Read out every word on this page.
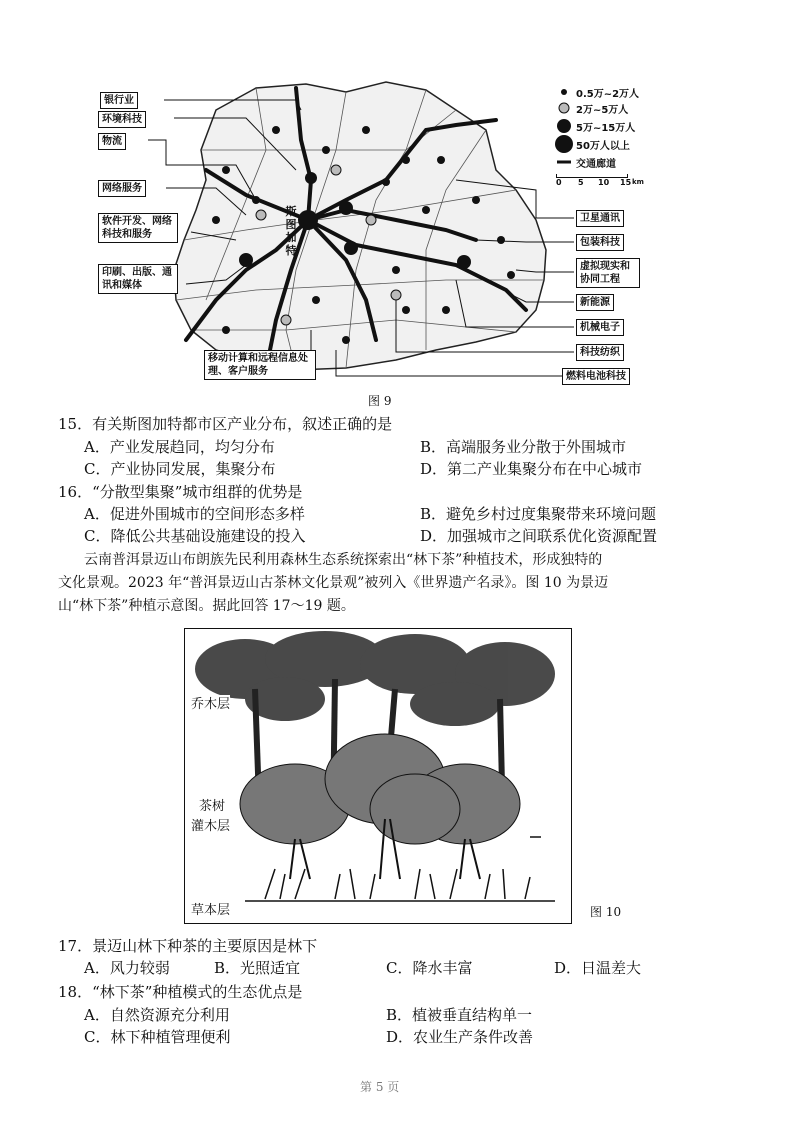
银行业
环境科技
物流
网络服务
软件开发、网络科技和服务
印刷、出版、通讯和媒体
移动计算和远程信息处理、客户服务
斯
图
加
特
卫星通讯
包装科技
虚拟现实和协同工程
新能源
机械电子
科技纺织
燃料电池科技
0.5万~2万人
2万~5万人
5万~15万人
50万人以上
交通廊道
0 5 10 15 km
图 9
15．有关斯图加特都市区产业分布，叙述正确的是
A．产业发展趋同，均匀分布	B．高端服务业分散于外围城市
C．产业协同发展，集聚分布	D．第二产业集聚分布在中心城市
16．“分散型集聚”城市组群的优势是
A．促进外围城市的空间形态多样	B．避免乡村过度集聚带来环境问题
C．降低公共基础设施建设的投入	D．加强城市之间联系优化资源配置
云南普洱景迈山布朗族先民利用森林生态系统探索出“林下茶”种植技术，形成独特的
文化景观。2023 年“普洱景迈山古茶林文化景观”被列入《世界遗产名录》。图 10 为景迈
山“林下茶”种植示意图。据此回答 17～19 题。
乔木层
茶树
灌木层
草本层	图 10
17．景迈山林下种茶的主要原因是林下
A．风力较弱	B．光照适宜	C．降水丰富	D．日温差大
18．“林下茶”种植模式的生态优点是
A．自然资源充分利用	B．植被垂直结构单一
C．林下种植管理便利	D．农业生产条件改善
第 5 页
